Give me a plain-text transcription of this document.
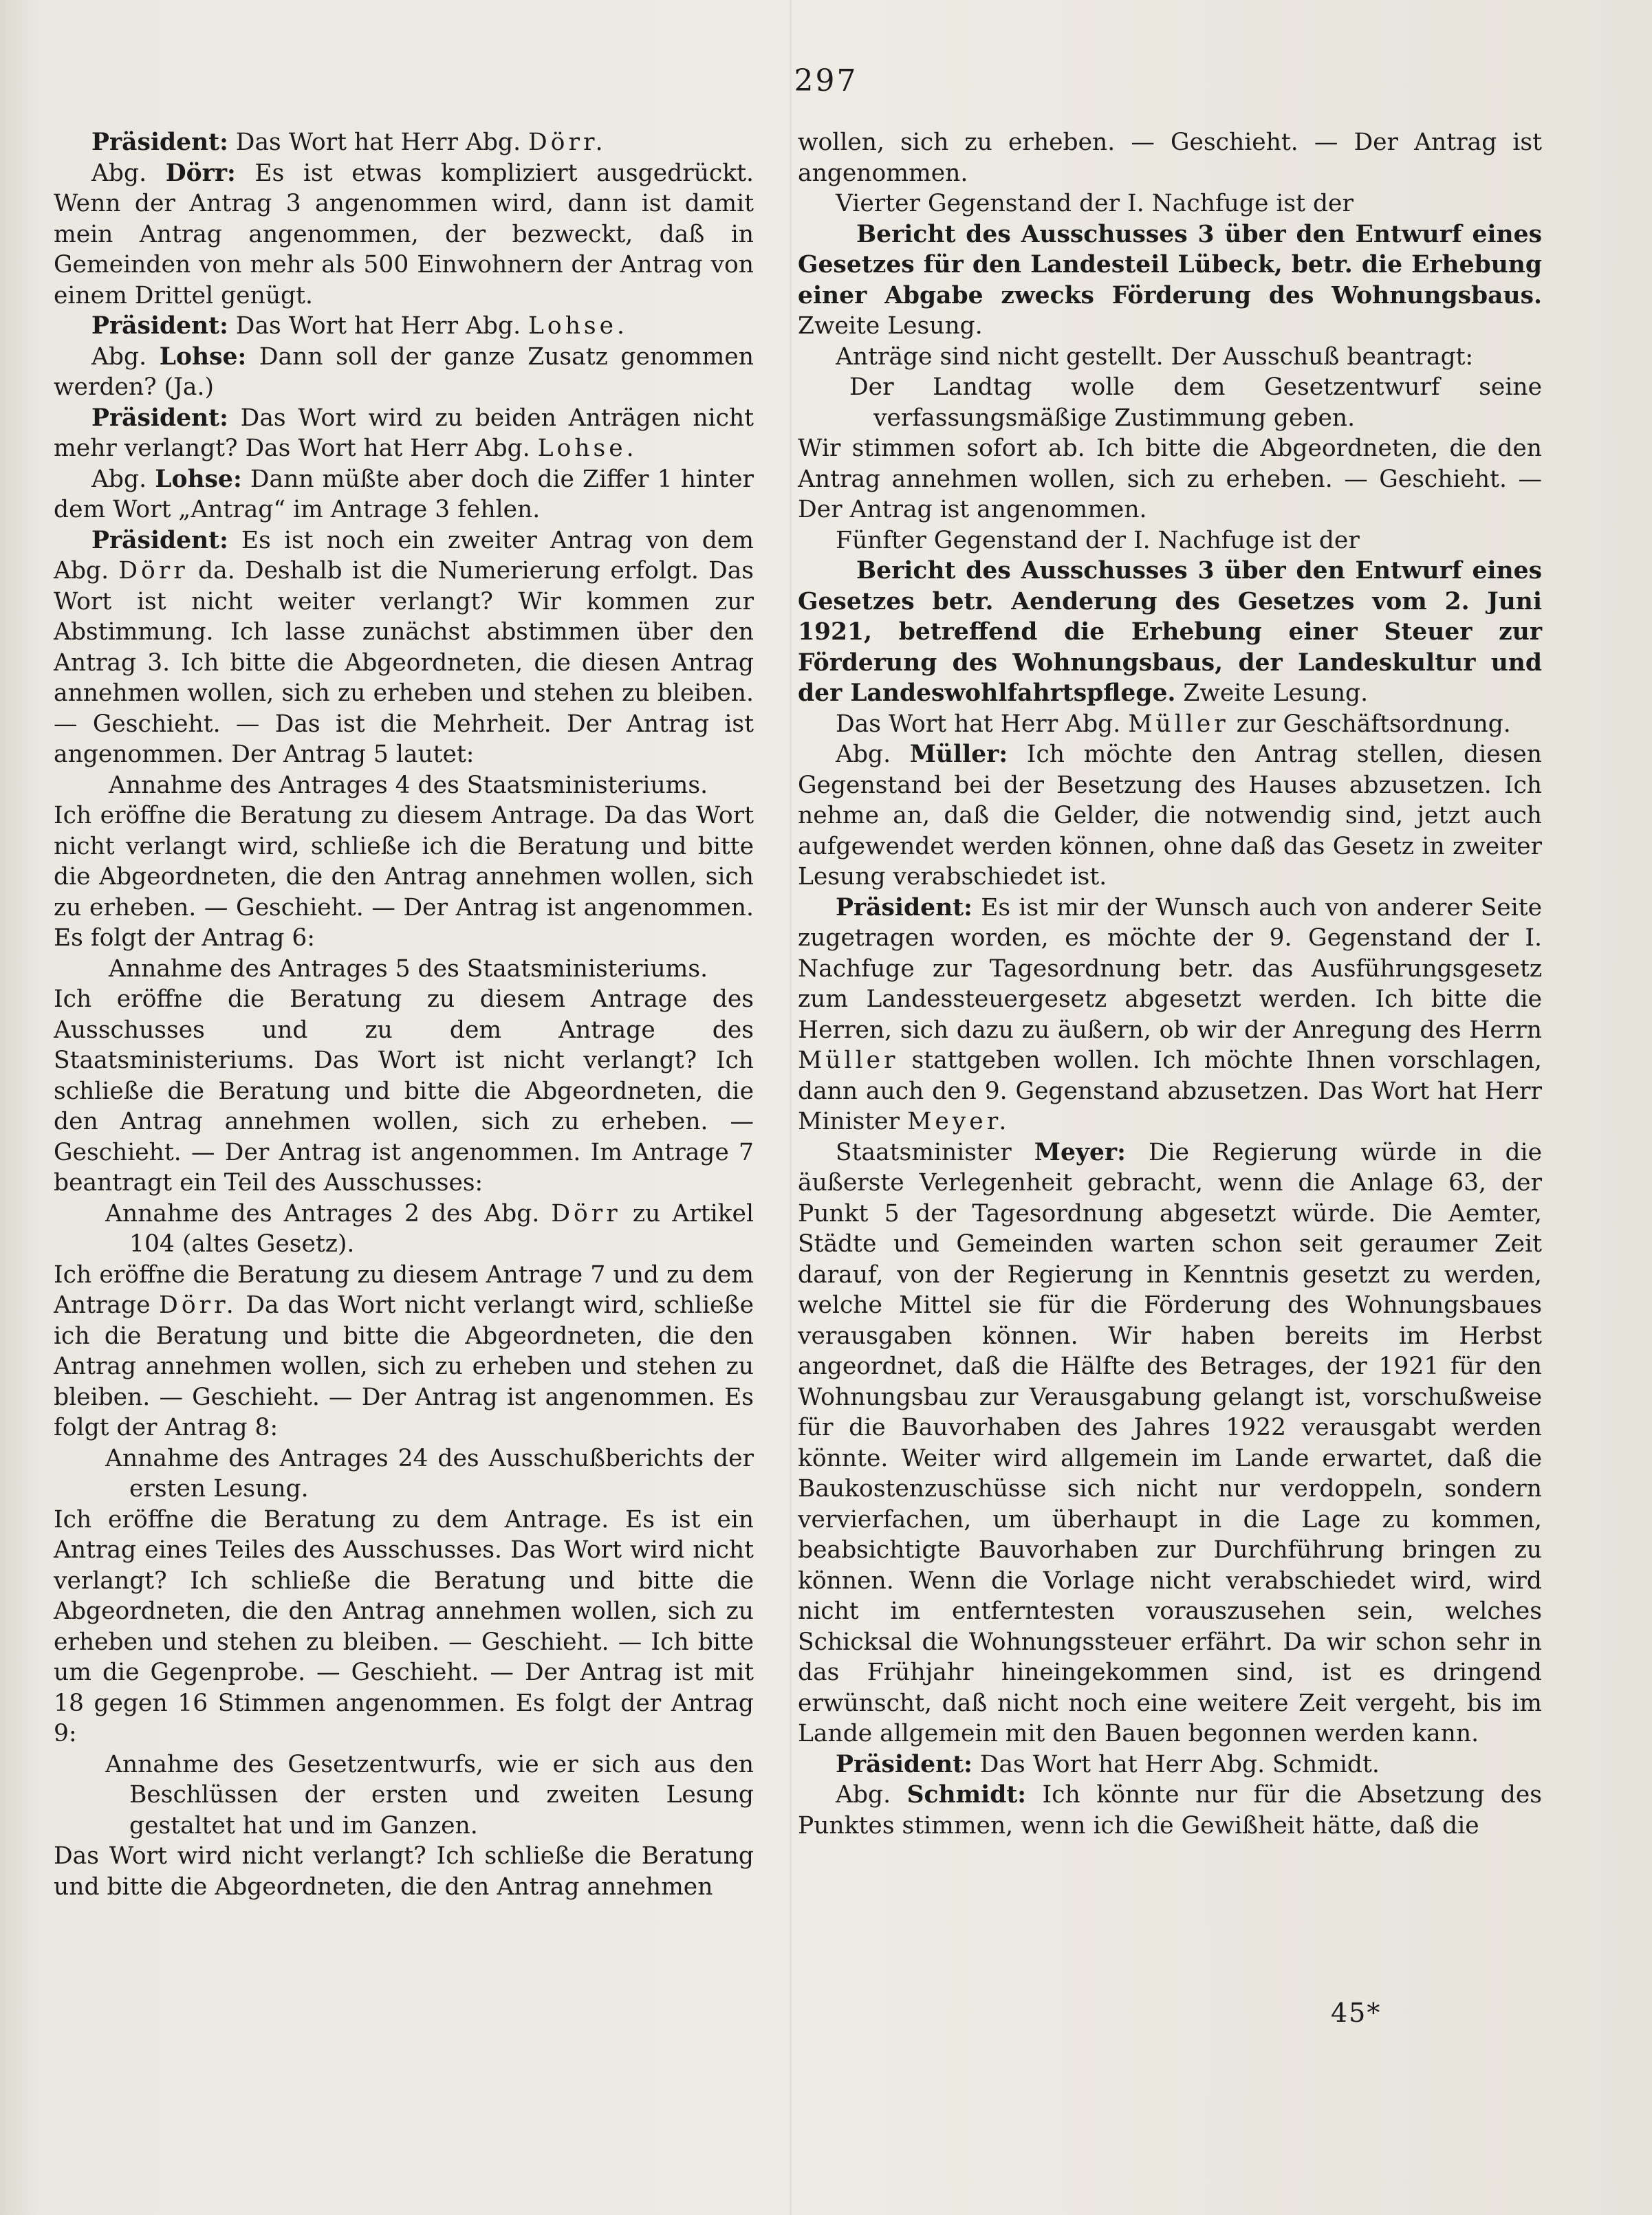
297

Präsident: Das Wort hat Herr Abg. Dörr.

Abg. Dörr: Es ist etwas kompliziert ausgedrückt. Wenn der Antrag 3 angenommen wird, dann ist damit mein Antrag angenommen, der bezweckt, daß in Gemeinden von mehr als 500 Einwohnern der Antrag von einem Drittel genügt.

Präsident: Das Wort hat Herr Abg. Lohse.

Abg. Lohse: Dann soll der ganze Zusatz genommen werden? (Ja.)

Präsident: Das Wort wird zu beiden Anträgen nicht mehr verlangt? Das Wort hat Herr Abg. Lohse.

Abg. Lohse: Dann müßte aber doch die Ziffer 1 hinter dem Wort „Antrag“ im Antrage 3 fehlen.

Präsident: Es ist noch ein zweiter Antrag von dem Abg. Dörr da. Deshalb ist die Numerierung erfolgt. Das Wort ist nicht weiter verlangt? Wir kommen zur Abstimmung. Ich lasse zunächst abstimmen über den Antrag 3. Ich bitte die Abgeordneten, die diesen Antrag annehmen wollen, sich zu erheben und stehen zu bleiben. — Geschieht. — Das ist die Mehrheit. Der Antrag ist angenommen. Der Antrag 5 lautet:

Annahme des Antrages 4 des Staatsministeriums.

Ich eröffne die Beratung zu diesem Antrage. Da das Wort nicht verlangt wird, schließe ich die Beratung und bitte die Abgeordneten, die den Antrag annehmen wollen, sich zu erheben. — Geschieht. — Der Antrag ist angenommen. Es folgt der Antrag 6:

Annahme des Antrages 5 des Staatsministeriums.

Ich eröffne die Beratung zu diesem Antrage des Ausschusses und zu dem Antrage des Staatsministeriums. Das Wort ist nicht verlangt? Ich schließe die Beratung und bitte die Abgeordneten, die den Antrag annehmen wollen, sich zu erheben. — Geschieht. — Der Antrag ist angenommen. Im Antrage 7 beantragt ein Teil des Ausschusses:

Annahme des Antrages 2 des Abg. Dörr zu Artikel 104 (altes Gesetz).

Ich eröffne die Beratung zu diesem Antrage 7 und zu dem Antrage Dörr. Da das Wort nicht verlangt wird, schließe ich die Beratung und bitte die Abgeordneten, die den Antrag annehmen wollen, sich zu erheben und stehen zu bleiben. — Geschieht. — Der Antrag ist angenommen. Es folgt der Antrag 8:

Annahme des Antrages 24 des Ausschußberichts der ersten Lesung.

Ich eröffne die Beratung zu dem Antrage. Es ist ein Antrag eines Teiles des Ausschusses. Das Wort wird nicht verlangt? Ich schließe die Beratung und bitte die Abgeordneten, die den Antrag annehmen wollen, sich zu erheben und stehen zu bleiben. — Geschieht. — Ich bitte um die Gegenprobe. — Geschieht. — Der Antrag ist mit 18 gegen 16 Stimmen angenommen. Es folgt der Antrag 9:

Annahme des Gesetzentwurfs, wie er sich aus den Beschlüssen der ersten und zweiten Lesung gestaltet hat und im Ganzen.

Das Wort wird nicht verlangt? Ich schließe die Beratung und bitte die Abgeordneten, die den Antrag annehmen

wollen, sich zu erheben. — Geschieht. — Der Antrag ist angenommen.

Vierter Gegenstand der I. Nachfuge ist der

Bericht des Ausschusses 3 über den Entwurf eines Gesetzes für den Landesteil Lübeck, betr. die Erhebung einer Abgabe zwecks Förderung des Wohnungsbaus. Zweite Lesung.

Anträge sind nicht gestellt. Der Ausschuß beantragt:

Der Landtag wolle dem Gesetzentwurf seine verfassungsmäßige Zustimmung geben.

Wir stimmen sofort ab. Ich bitte die Abgeordneten, die den Antrag annehmen wollen, sich zu erheben. — Geschieht. — Der Antrag ist angenommen.

Fünfter Gegenstand der I. Nachfuge ist der

Bericht des Ausschusses 3 über den Entwurf eines Gesetzes betr. Aenderung des Gesetzes vom 2. Juni 1921, betreffend die Erhebung einer Steuer zur Förderung des Wohnungsbaus, der Landeskultur und der Landeswohlfahrtspflege. Zweite Lesung.

Das Wort hat Herr Abg. Müller zur Geschäftsordnung.

Abg. Müller: Ich möchte den Antrag stellen, diesen Gegenstand bei der Besetzung des Hauses abzusetzen. Ich nehme an, daß die Gelder, die notwendig sind, jetzt auch aufgewendet werden können, ohne daß das Gesetz in zweiter Lesung verabschiedet ist.

Präsident: Es ist mir der Wunsch auch von anderer Seite zugetragen worden, es möchte der 9. Gegenstand der I. Nachfuge zur Tagesordnung betr. das Ausführungsgesetz zum Landessteuergesetz abgesetzt werden. Ich bitte die Herren, sich dazu zu äußern, ob wir der Anregung des Herrn Müller stattgeben wollen. Ich möchte Ihnen vorschlagen, dann auch den 9. Gegenstand abzusetzen. Das Wort hat Herr Minister Meyer.

Staatsminister Meyer: Die Regierung würde in die äußerste Verlegenheit gebracht, wenn die Anlage 63, der Punkt 5 der Tagesordnung abgesetzt würde. Die Aemter, Städte und Gemeinden warten schon seit geraumer Zeit darauf, von der Regierung in Kenntnis gesetzt zu werden, welche Mittel sie für die Förderung des Wohnungsbaues verausgaben können. Wir haben bereits im Herbst angeordnet, daß die Hälfte des Betrages, der 1921 für den Wohnungsbau zur Verausgabung gelangt ist, vorschußweise für die Bauvorhaben des Jahres 1922 verausgabt werden könnte. Weiter wird allgemein im Lande erwartet, daß die Baukostenzuschüsse sich nicht nur verdoppeln, sondern vervierfachen, um überhaupt in die Lage zu kommen, beabsichtigte Bauvorhaben zur Durchführung bringen zu können. Wenn die Vorlage nicht verabschiedet wird, wird nicht im entferntesten vorauszusehen sein, welches Schicksal die Wohnungssteuer erfährt. Da wir schon sehr in das Frühjahr hineingekommen sind, ist es dringend erwünscht, daß nicht noch eine weitere Zeit vergeht, bis im Lande allgemein mit den Bauen begonnen werden kann.

Präsident: Das Wort hat Herr Abg. Schmidt.

Abg. Schmidt: Ich könnte nur für die Absetzung des Punktes stimmen, wenn ich die Gewißheit hätte, daß die

45*
